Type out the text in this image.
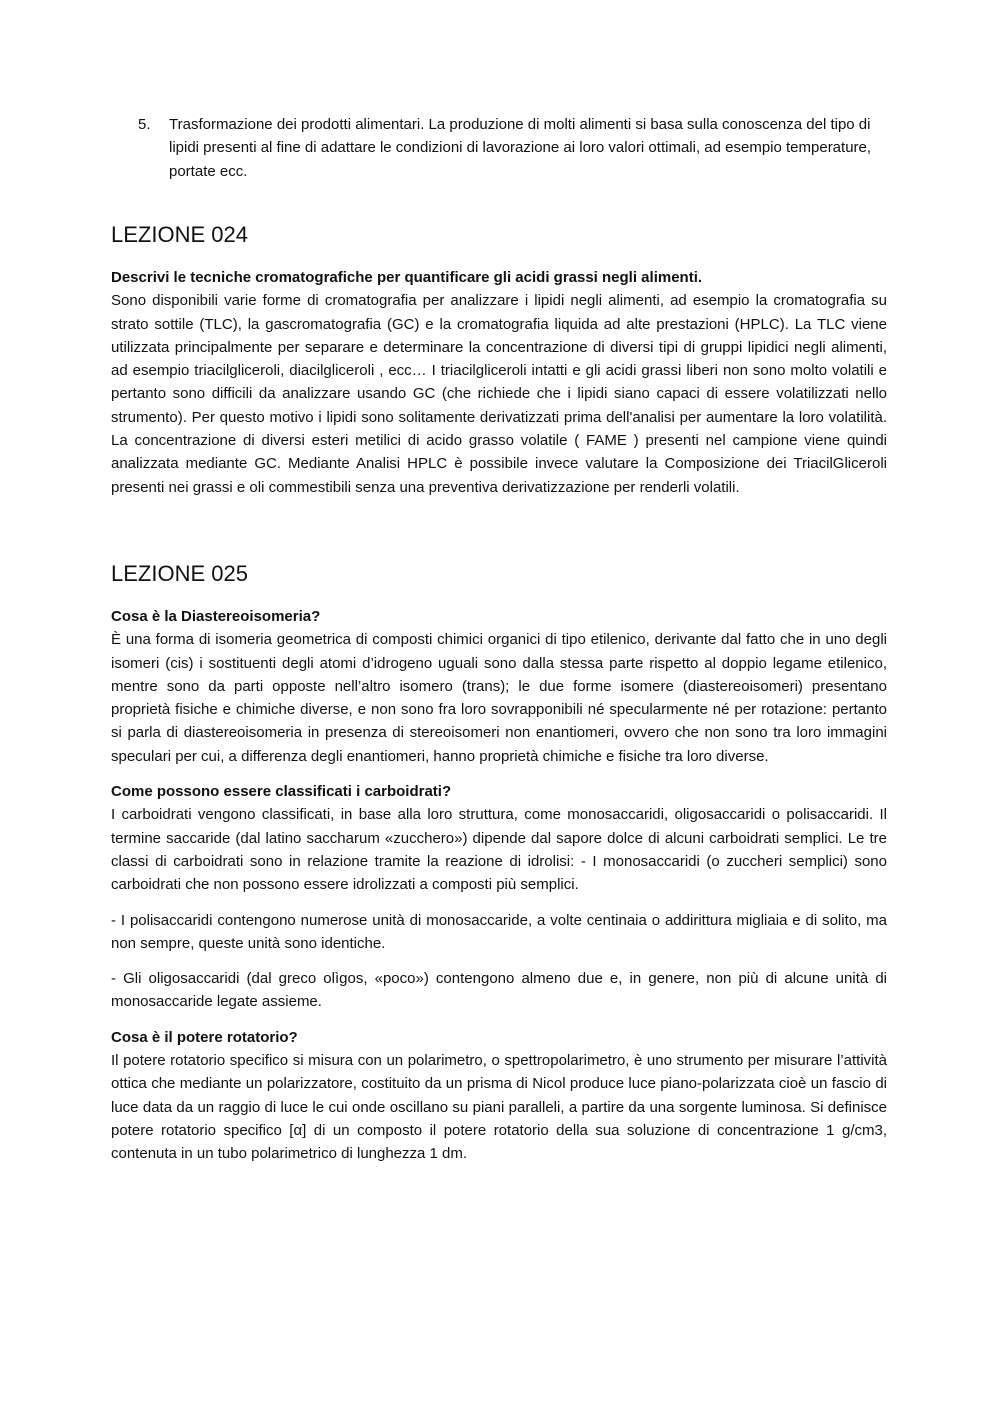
5. Trasformazione dei prodotti alimentari. La produzione di molti alimenti si basa sulla conoscenza del tipo di lipidi presenti al fine di adattare le condizioni di lavorazione ai loro valori ottimali, ad esempio temperature, portate ecc.
LEZIONE 024
Descrivi le tecniche cromatografiche per quantificare gli acidi grassi negli alimenti.
Sono disponibili varie forme di cromatografia per analizzare i lipidi negli alimenti, ad esempio la cromatografia su strato sottile (TLC), la gascromatografia (GC) e la cromatografia liquida ad alte prestazioni (HPLC). La TLC viene utilizzata principalmente per separare e determinare la concentrazione di diversi tipi di gruppi lipidici negli alimenti, ad esempio triacilgliceroli, diacilgliceroli , ecc… I triacilgliceroli intatti e gli acidi grassi liberi non sono molto volatili e pertanto sono difficili da analizzare usando GC (che richiede che i lipidi siano capaci di essere volatilizzati nello strumento). Per questo motivo i lipidi sono solitamente derivatizzati prima dell'analisi per aumentare la loro volatilità. La concentrazione di diversi esteri metilici di acido grasso volatile ( FAME ) presenti nel campione viene quindi analizzata mediante GC. Mediante Analisi HPLC è possibile invece valutare la Composizione dei TriacilGliceroli presenti nei grassi e oli commestibili senza una preventiva derivatizzazione per renderli volatili.
LEZIONE 025
Cosa è la Diastereoisomeria?
È una forma di isomeria geometrica di composti chimici organici di tipo etilenico, derivante dal fatto che in uno degli isomeri (cis) i sostituenti degli atomi d’idrogeno uguali sono dalla stessa parte rispetto al doppio legame etilenico, mentre sono da parti opposte nell’altro isomero (trans); le due forme isomere (diastereoisomeri) presentano proprietà fisiche e chimiche diverse, e non sono fra loro sovrapponibili né specularmente né per rotazione: pertanto si parla di diastereoisomeria in presenza di stereoisomeri non enantiomeri, ovvero che non sono tra loro immagini speculari per cui, a differenza degli enantiomeri, hanno proprietà chimiche e fisiche tra loro diverse.
Come possono essere classificati i carboidrati?
I carboidrati vengono classificati, in base alla loro struttura, come monosaccaridi, oligosaccaridi o polisaccaridi. Il termine saccaride (dal latino saccharum «zucchero») dipende dal sapore dolce di alcuni carboidrati semplici. Le tre classi di carboidrati sono in relazione tramite la reazione di idrolisi: - I monosaccaridi (o zuccheri semplici) sono carboidrati che non possono essere idrolizzati a composti più semplici.
- I polisaccaridi contengono numerose unità di monosaccaride, a volte centinaia o addirittura migliaia e di solito, ma non sempre, queste unità sono identiche.
- Gli oligosaccaridi (dal greco olìgos, «poco») contengono almeno due e, in genere, non più di alcune unità di monosaccaride legate assieme.
Cosa è il potere rotatorio?
Il potere rotatorio specifico si misura con un polarimetro, o spettropolarimetro, è uno strumento per misurare l’attività ottica che mediante un polarizzatore, costituito da un prisma di Nicol produce luce piano-polarizzata cioè un fascio di luce data da un raggio di luce le cui onde oscillano su piani paralleli, a partire da una sorgente luminosa. Si definisce potere rotatorio specifico [α] di un composto il potere rotatorio della sua soluzione di concentrazione 1 g/cm3, contenuta in un tubo polarimetrico di lunghezza 1 dm.
